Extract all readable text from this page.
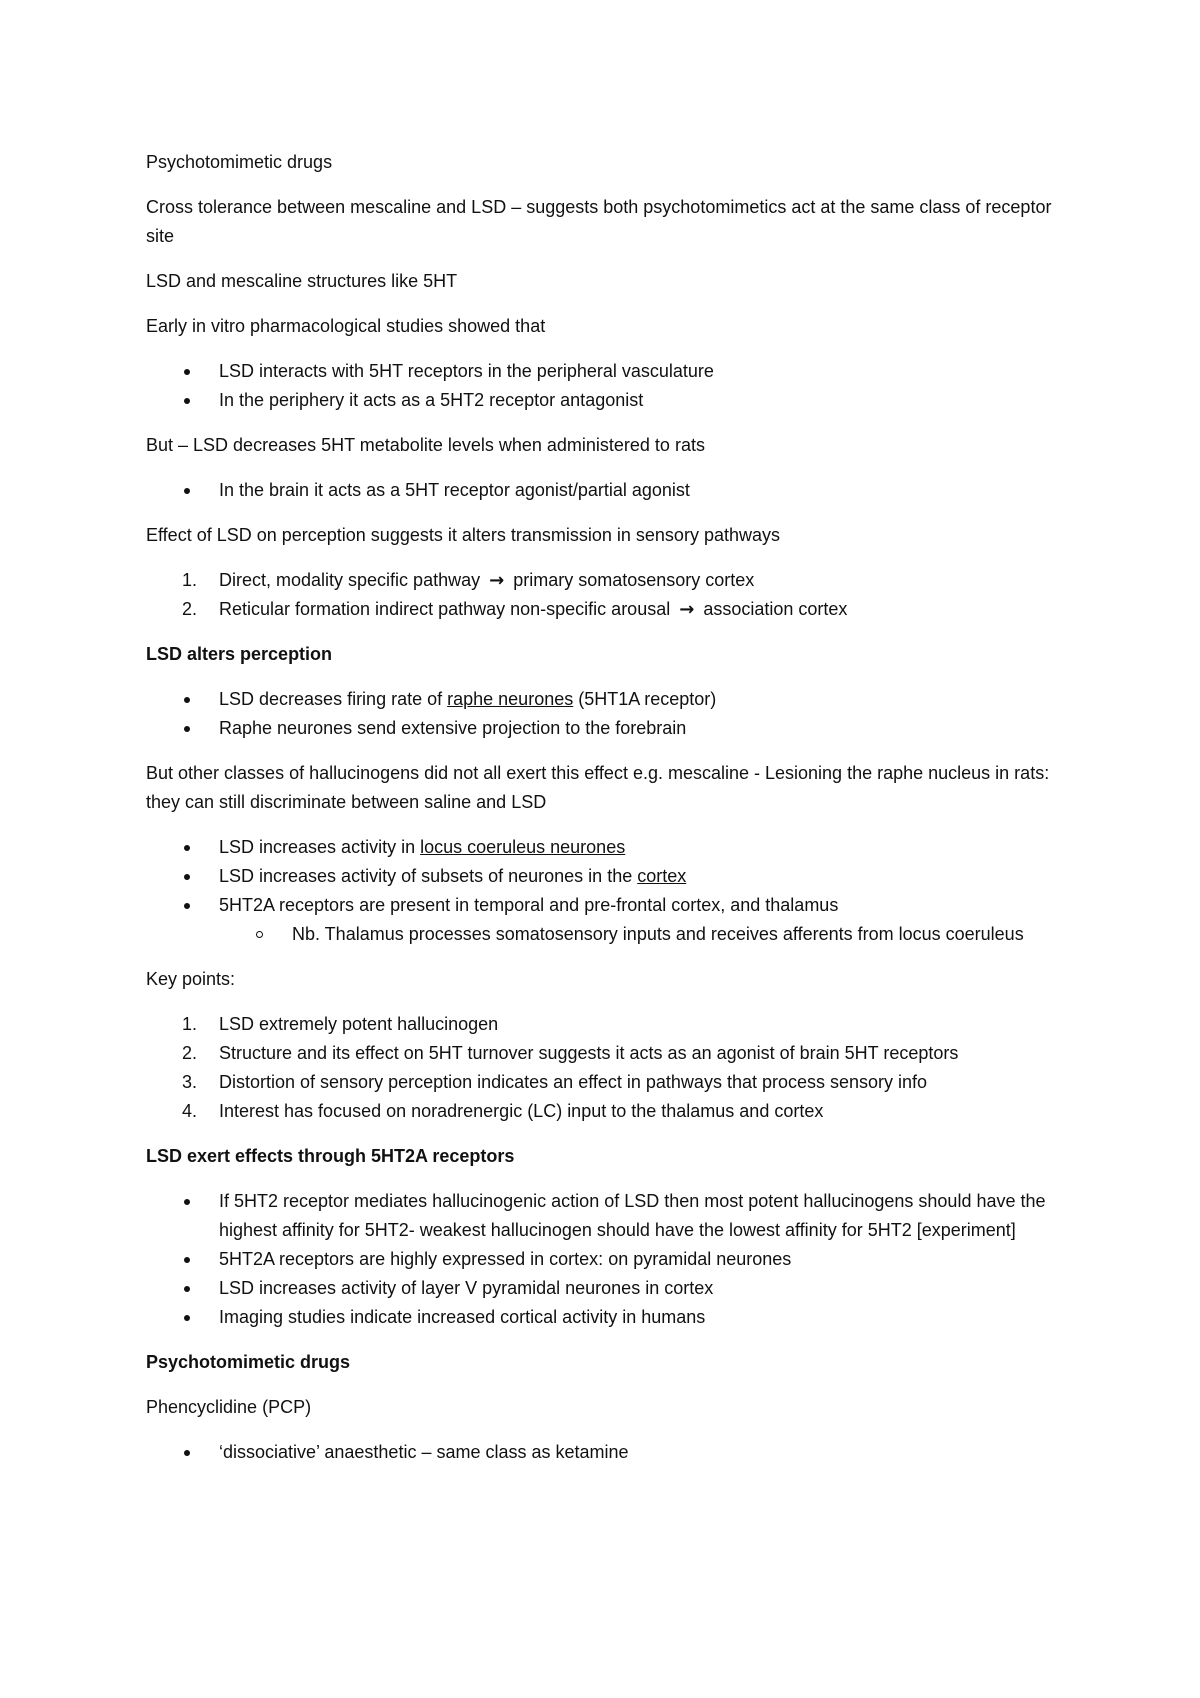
Psychotomimetic drugs

Cross tolerance between mescaline and LSD – suggests both psychotomimetics act at the same class of receptor site

LSD and mescaline structures like 5HT

Early in vitro pharmacological studies showed that

LSD interacts with 5HT receptors in the peripheral vasculature
In the periphery it acts as a 5HT2 receptor antagonist

But – LSD decreases 5HT metabolite levels when administered to rats

In the brain it acts as a 5HT receptor agonist/partial agonist

Effect of LSD on perception suggests it alters transmission in sensory pathways

1. Direct, modality specific pathway → primary somatosensory cortex
2. Reticular formation indirect pathway non-specific arousal → association cortex

LSD alters perception

LSD decreases firing rate of raphe neurones (5HT1A receptor)
Raphe neurones send extensive projection to the forebrain

But other classes of hallucinogens did not all exert this effect e.g. mescaline - Lesioning the raphe nucleus in rats: they can still discriminate between saline and LSD

LSD increases activity in locus coeruleus neurones
LSD increases activity of subsets of neurones in the cortex
5HT2A receptors are present in temporal and pre-frontal cortex, and thalamus
Nb. Thalamus processes somatosensory inputs and receives afferents from locus coeruleus

Key points:

1. LSD extremely potent hallucinogen
2. Structure and its effect on 5HT turnover suggests it acts as an agonist of brain 5HT receptors
3. Distortion of sensory perception indicates an effect in pathways that process sensory info
4. Interest has focused on noradrenergic (LC) input to the thalamus and cortex

LSD exert effects through 5HT2A receptors

If 5HT2 receptor mediates hallucinogenic action of LSD then most potent hallucinogens should have the highest affinity for 5HT2- weakest hallucinogen should have the lowest affinity for 5HT2 [experiment]
5HT2A receptors are highly expressed in cortex: on pyramidal neurones
LSD increases activity of layer V pyramidal neurones in cortex
Imaging studies indicate increased cortical activity in humans

Psychotomimetic drugs

Phencyclidine (PCP)

‘dissociative’ anaesthetic – same class as ketamine
